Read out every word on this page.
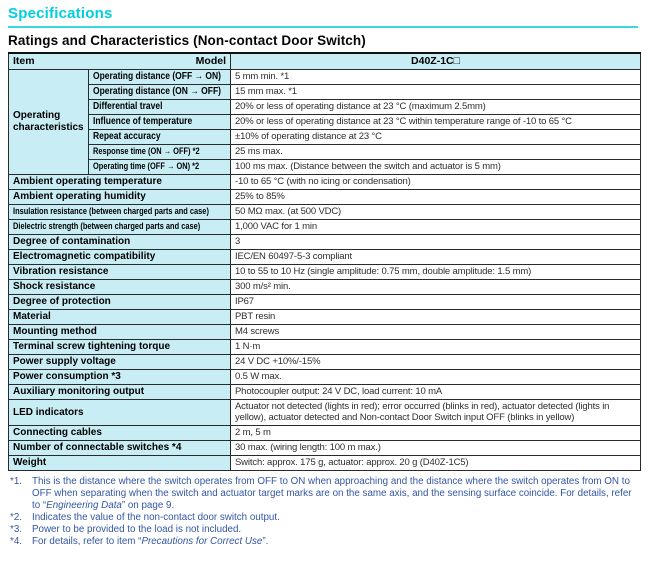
Specifications
Ratings and Characteristics (Non-contact Door Switch)
Item Model		D40Z-1C□
Operating characteristics	Operating distance (OFF → ON)	5 mm min. *1
	Operating distance (ON → OFF)	15 mm max. *1
	Differential travel	20% or less of operating distance at 23 °C (maximum 2.5mm)
	Influence of temperature	20% or less of operating distance at 23 °C within temperature range of -10 to 65 °C
	Repeat accuracy	±10% of operating distance at 23 °C
	Response time (ON → OFF) *2	25 ms max.
	Operating time (OFF → ON) *2	100 ms max. (Distance between the switch and actuator is 5 mm)
Ambient operating temperature		-10 to 65 °C (with no icing or condensation)
Ambient operating humidity		25% to 85%
Insulation resistance (between charged parts and case)		50 MΩ max. (at 500 VDC)
Dielectric strength (between charged parts and case)		1,000 VAC for 1 min
Degree of contamination		3
Electromagnetic compatibility		IEC/EN 60497-5-3 compliant
Vibration resistance		10 to 55 to 10 Hz (single amplitude: 0.75 mm, double amplitude: 1.5 mm)
Shock resistance		300 m/s² min.
Degree of protection		IP67
Material		PBT resin
Mounting method		M4 screws
Terminal screw tightening torque		1 N·m
Power supply voltage		24 V DC +10%/-15%
Power consumption *3		0.5 W max.
Auxiliary monitoring output		Photocoupler output: 24 V DC, load current: 10 mA
LED indicators		Actuator not detected (lights in red); error occurred (blinks in red), actuator detected (lights in yellow), actuator detected and Non-contact Door Switch input OFF (blinks in yellow)
Connecting cables		2 m, 5 m
Number of connectable switches *4		30 max. (wiring length: 100 m max.)
Weight		Switch: approx. 175 g, actuator: approx. 20 g (D40Z-1C5)
*1.	This is the distance where the switch operates from OFF to ON when approaching and the distance where the switch operates from ON to OFF when separating when the switch and actuator target marks are on the same axis, and the sensing surface coincide. For details, refer to “Engineering Data” on page 9.
*2.	Indicates the value of the non-contact door switch output.
*3.	Power to be provided to the load is not included.
*4.	For details, refer to item “Precautions for Correct Use”.
